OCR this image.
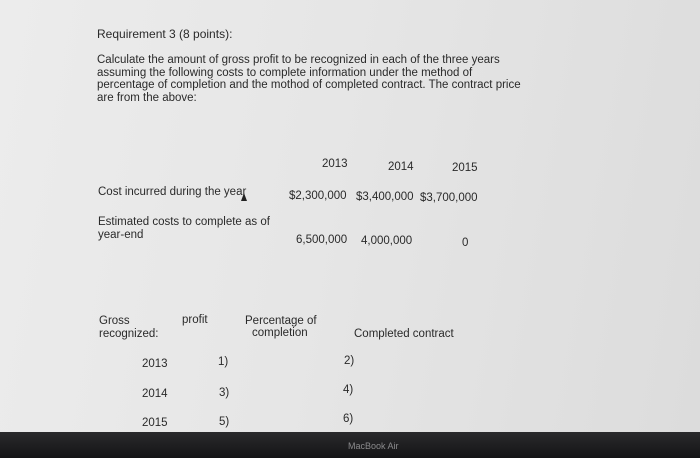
Requirement 3 (8 points):
Calculate the amount of gross profit to be recognized in each of the three years
assuming the following costs to complete information under the method of
percentage of completion and the mothod of completed contract. The contract price
are from the above:
2013	2014	2015
Cost incurred during the year	$2,300,000 $3,400,000 $3,700,000
Estimated costs to complete as of
year-end	6,500,000 4,000,000	0
Gross	profit
recognized:
Percentage of
completion	Completed contract
2013	1)	2)
2014	3)	4)
2015	5)	6)
MacBook Air
